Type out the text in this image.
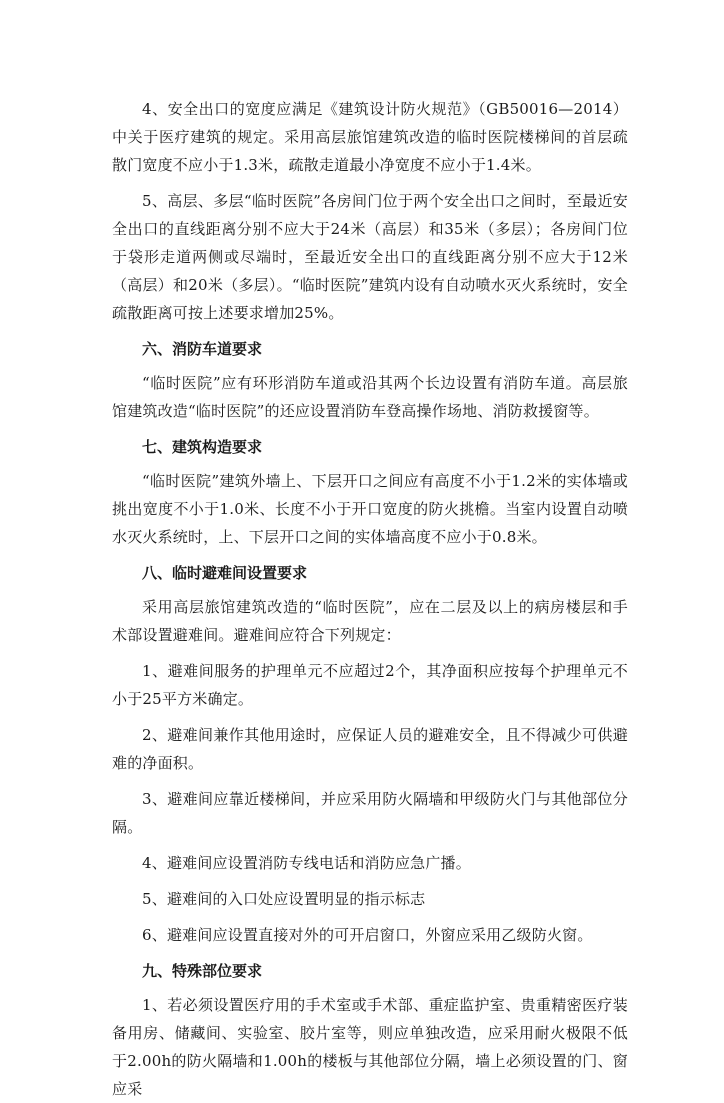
4、安全出口的宽度应满足《建筑设计防火规范》（GB50016—2014）中关于医疗建筑的规定。采用高层旅馆建筑改造的临时医院楼梯间的首层疏散门宽度不应小于1.3米，疏散走道最小净宽度不应小于1.4米。

5、高层、多层“临时医院”各房间门位于两个安全出口之间时，至最近安全出口的直线距离分别不应大于24米（高层）和35米（多层）；各房间门位于袋形走道两侧或尽端时，至最近安全出口的直线距离分别不应大于12米（高层）和20米（多层）。“临时医院”建筑内设有自动喷水灭火系统时，安全疏散距离可按上述要求增加25%。

六、消防车道要求

“临时医院”应有环形消防车道或沿其两个长边设置有消防车道。高层旅馆建筑改造“临时医院”的还应设置消防车登高操作场地、消防救援窗等。

七、建筑构造要求

“临时医院”建筑外墙上、下层开口之间应有高度不小于1.2米的实体墙或挑出宽度不小于1.0米、长度不小于开口宽度的防火挑檐。当室内设置自动喷水灭火系统时，上、下层开口之间的实体墙高度不应小于0.8米。

八、临时避难间设置要求

采用高层旅馆建筑改造的“临时医院”，应在二层及以上的病房楼层和手术部设置避难间。避难间应符合下列规定：

1、避难间服务的护理单元不应超过2个，其净面积应按每个护理单元不小于25平方米确定。

2、避难间兼作其他用途时，应保证人员的避难安全，且不得减少可供避难的净面积。

3、避难间应靠近楼梯间，并应采用防火隔墙和甲级防火门与其他部位分隔。

4、避难间应设置消防专线电话和消防应急广播。

5、避难间的入口处应设置明显的指示标志

6、避难间应设置直接对外的可开启窗口，外窗应采用乙级防火窗。

九、特殊部位要求

1、若必须设置医疗用的手术室或手术部、重症监护室、贵重精密医疗装备用房、储藏间、实验室、胶片室等，则应单独改造，应采用耐火极限不低于2.00h的防火隔墙和1.00h的楼板与其他部位分隔，墙上必须设置的门、窗应采
